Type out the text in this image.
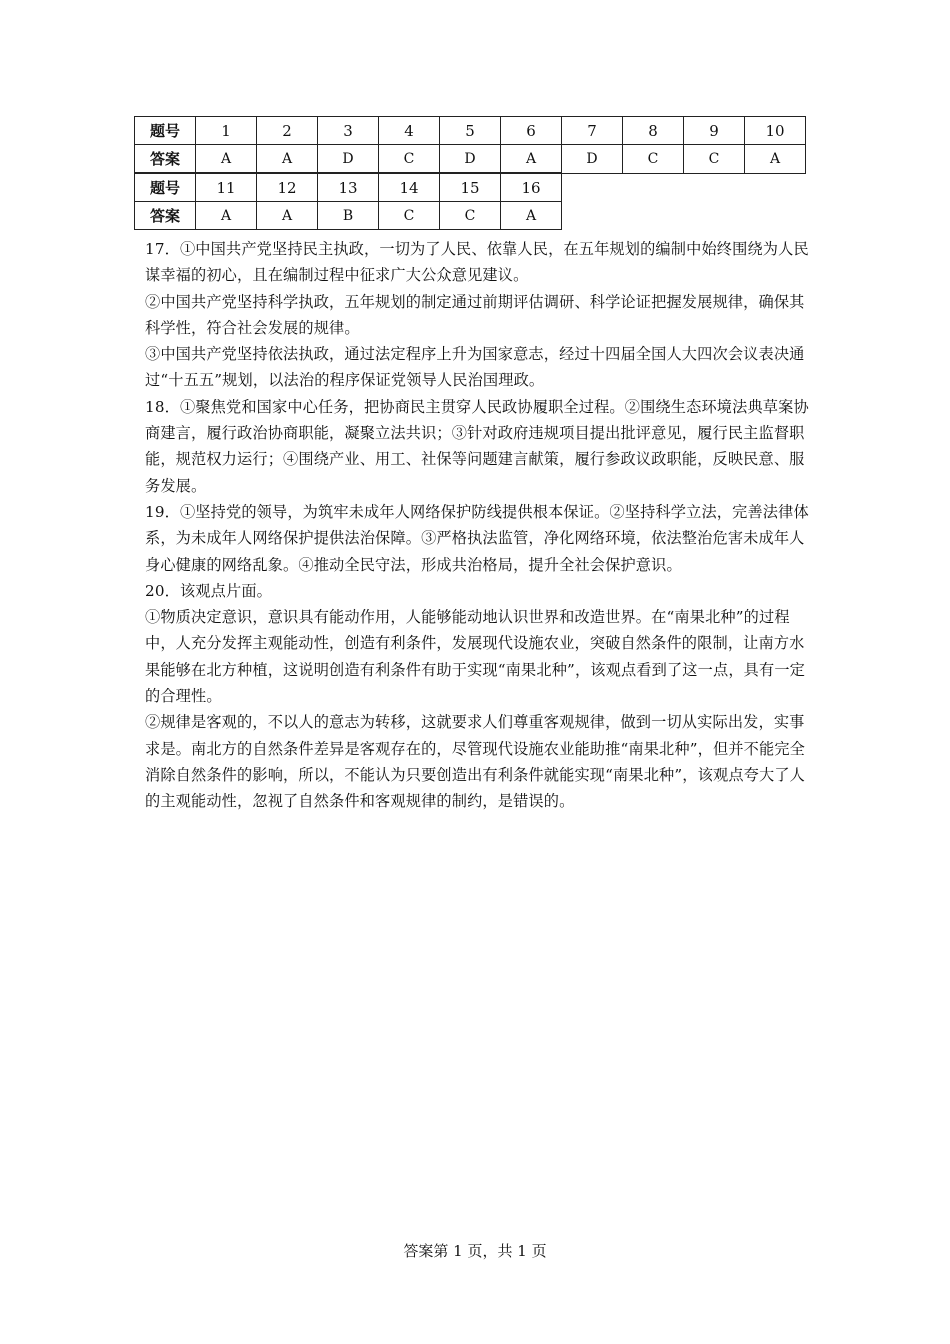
题号	1	2	3	4	5	6	7	8	9	10
答案	A	A	D	C	D	A	D	C	C	A
题号	11	12	13	14	15	16				
答案	A	A	B	C	C	A				

17．①中国共产党坚持民主执政，一切为了人民、依靠人民，在五年规划的编制中始终围绕为人民谋幸福的初心，且在编制过程中征求广大公众意见建议。

②中国共产党坚持科学执政，五年规划的制定通过前期评估调研、科学论证把握发展规律，确保其科学性，符合社会发展的规律。

③中国共产党坚持依法执政，通过法定程序上升为国家意志，经过十四届全国人大四次会议表决通过“十五五”规划，以法治的程序保证党领导人民治国理政。

18．①聚焦党和国家中心任务，把协商民主贯穿人民政协履职全过程。②围绕生态环境法典草案协商建言，履行政治协商职能，凝聚立法共识；③针对政府违规项目提出批评意见，履行民主监督职能，规范权力运行；④围绕产业、用工、社保等问题建言献策，履行参政议政职能，反映民意、服务发展。

19．①坚持党的领导，为筑牢未成年人网络保护防线提供根本保证。②坚持科学立法，完善法律体系，为未成年人网络保护提供法治保障。③严格执法监管，净化网络环境，依法整治危害未成年人身心健康的网络乱象。④推动全民守法，形成共治格局，提升全社会保护意识。

20．该观点片面。

①物质决定意识，意识具有能动作用，人能够能动地认识世界和改造世界。在“南果北种”的过程中，人充分发挥主观能动性，创造有利条件，发展现代设施农业，突破自然条件的限制，让南方水果能够在北方种植，这说明创造有利条件有助于实现“南果北种”，该观点看到了这一点，具有一定的合理性。

②规律是客观的，不以人的意志为转移，这就要求人们尊重客观规律，做到一切从实际出发，实事求是。南北方的自然条件差异是客观存在的，尽管现代设施农业能助推“南果北种”，但并不能完全消除自然条件的影响，所以，不能认为只要创造出有利条件就能实现“南果北种”，该观点夸大了人的主观能动性，忽视了自然条件和客观规律的制约，是错误的。

答案第 1 页，共 1 页
